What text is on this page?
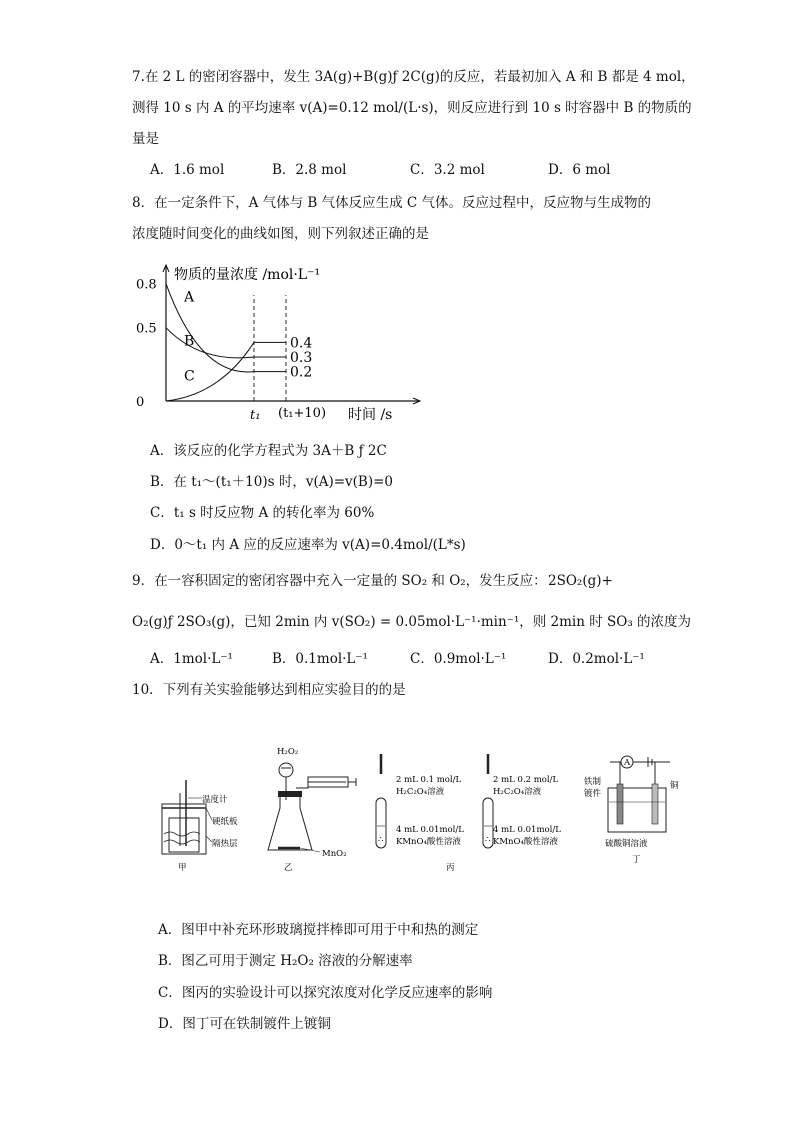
7.在 2 L 的密闭容器中，发生 3A(g)+B(g)ƒ 2C(g)的反应，若最初加入 A 和 B 都是 4 mol，
测得 10 s 内 A 的平均速率 v(A)=0.12 mol/(L·s)，则反应进行到 10 s 时容器中 B 的物质的
量是
A．1.6 mol	B．2.8 mol	C．3.2 mol	D．6 mol
8．在一定条件下，A 气体与 B 气体反应生成 C 气体。反应过程中，反应物与生成物的
浓度随时间变化的曲线如图，则下列叙述正确的是
物质的量浓度 /mol·L⁻¹
时间 /s
0.8
0.5
0
t₁ (t₁+10)
A
B
C
0.4
0.3
0.2
A．该反应的化学方程式为 3A＋B ƒ 2C
B．在 t₁～(t₁＋10)s 时，v(A)=v(B)=0
C．t₁ s 时反应物 A 的转化率为 60%
D．0～t₁ 内 A 应的反应速率为 v(A)=0.4mol/(L*s)
9．在一容积固定的密闭容器中充入一定量的 SO₂ 和 O₂，发生反应： 2SO₂(g)+
O₂(g)ƒ 2SO₃(g)，已知 2min 内 v(SO₂) = 0.05mol·L⁻¹·min⁻¹，则 2min 时 SO₃ 的浓度为
A．1mol·L⁻¹	B．0.1mol·L⁻¹	C．0.9mol·L⁻¹	D．0.2mol·L⁻¹
10．下列有关实验能够达到相应实验目的的是
温度计
硬纸板
隔热层
甲
H₂O₂
MnO₂
乙
∴
2 mL 0.1 mol/L
H₂C₂O₄溶液
4 mL 0.01mol/L
KMnO₄酸性溶液	∴
2 mL 0.2 mol/L
H₂C₂O₄溶液
4 mL 0.01mol/L
KMnO₄酸性溶液
丙
A
铁制
镀件
铜
硫酸铜溶液
丁
A．图甲中补充环形玻璃搅拌棒即可用于中和热的测定
B．图乙可用于测定 H₂O₂ 溶液的分解速率
C．图丙的实验设计可以探究浓度对化学反应速率的影响
D．图丁可在铁制镀件上镀铜
